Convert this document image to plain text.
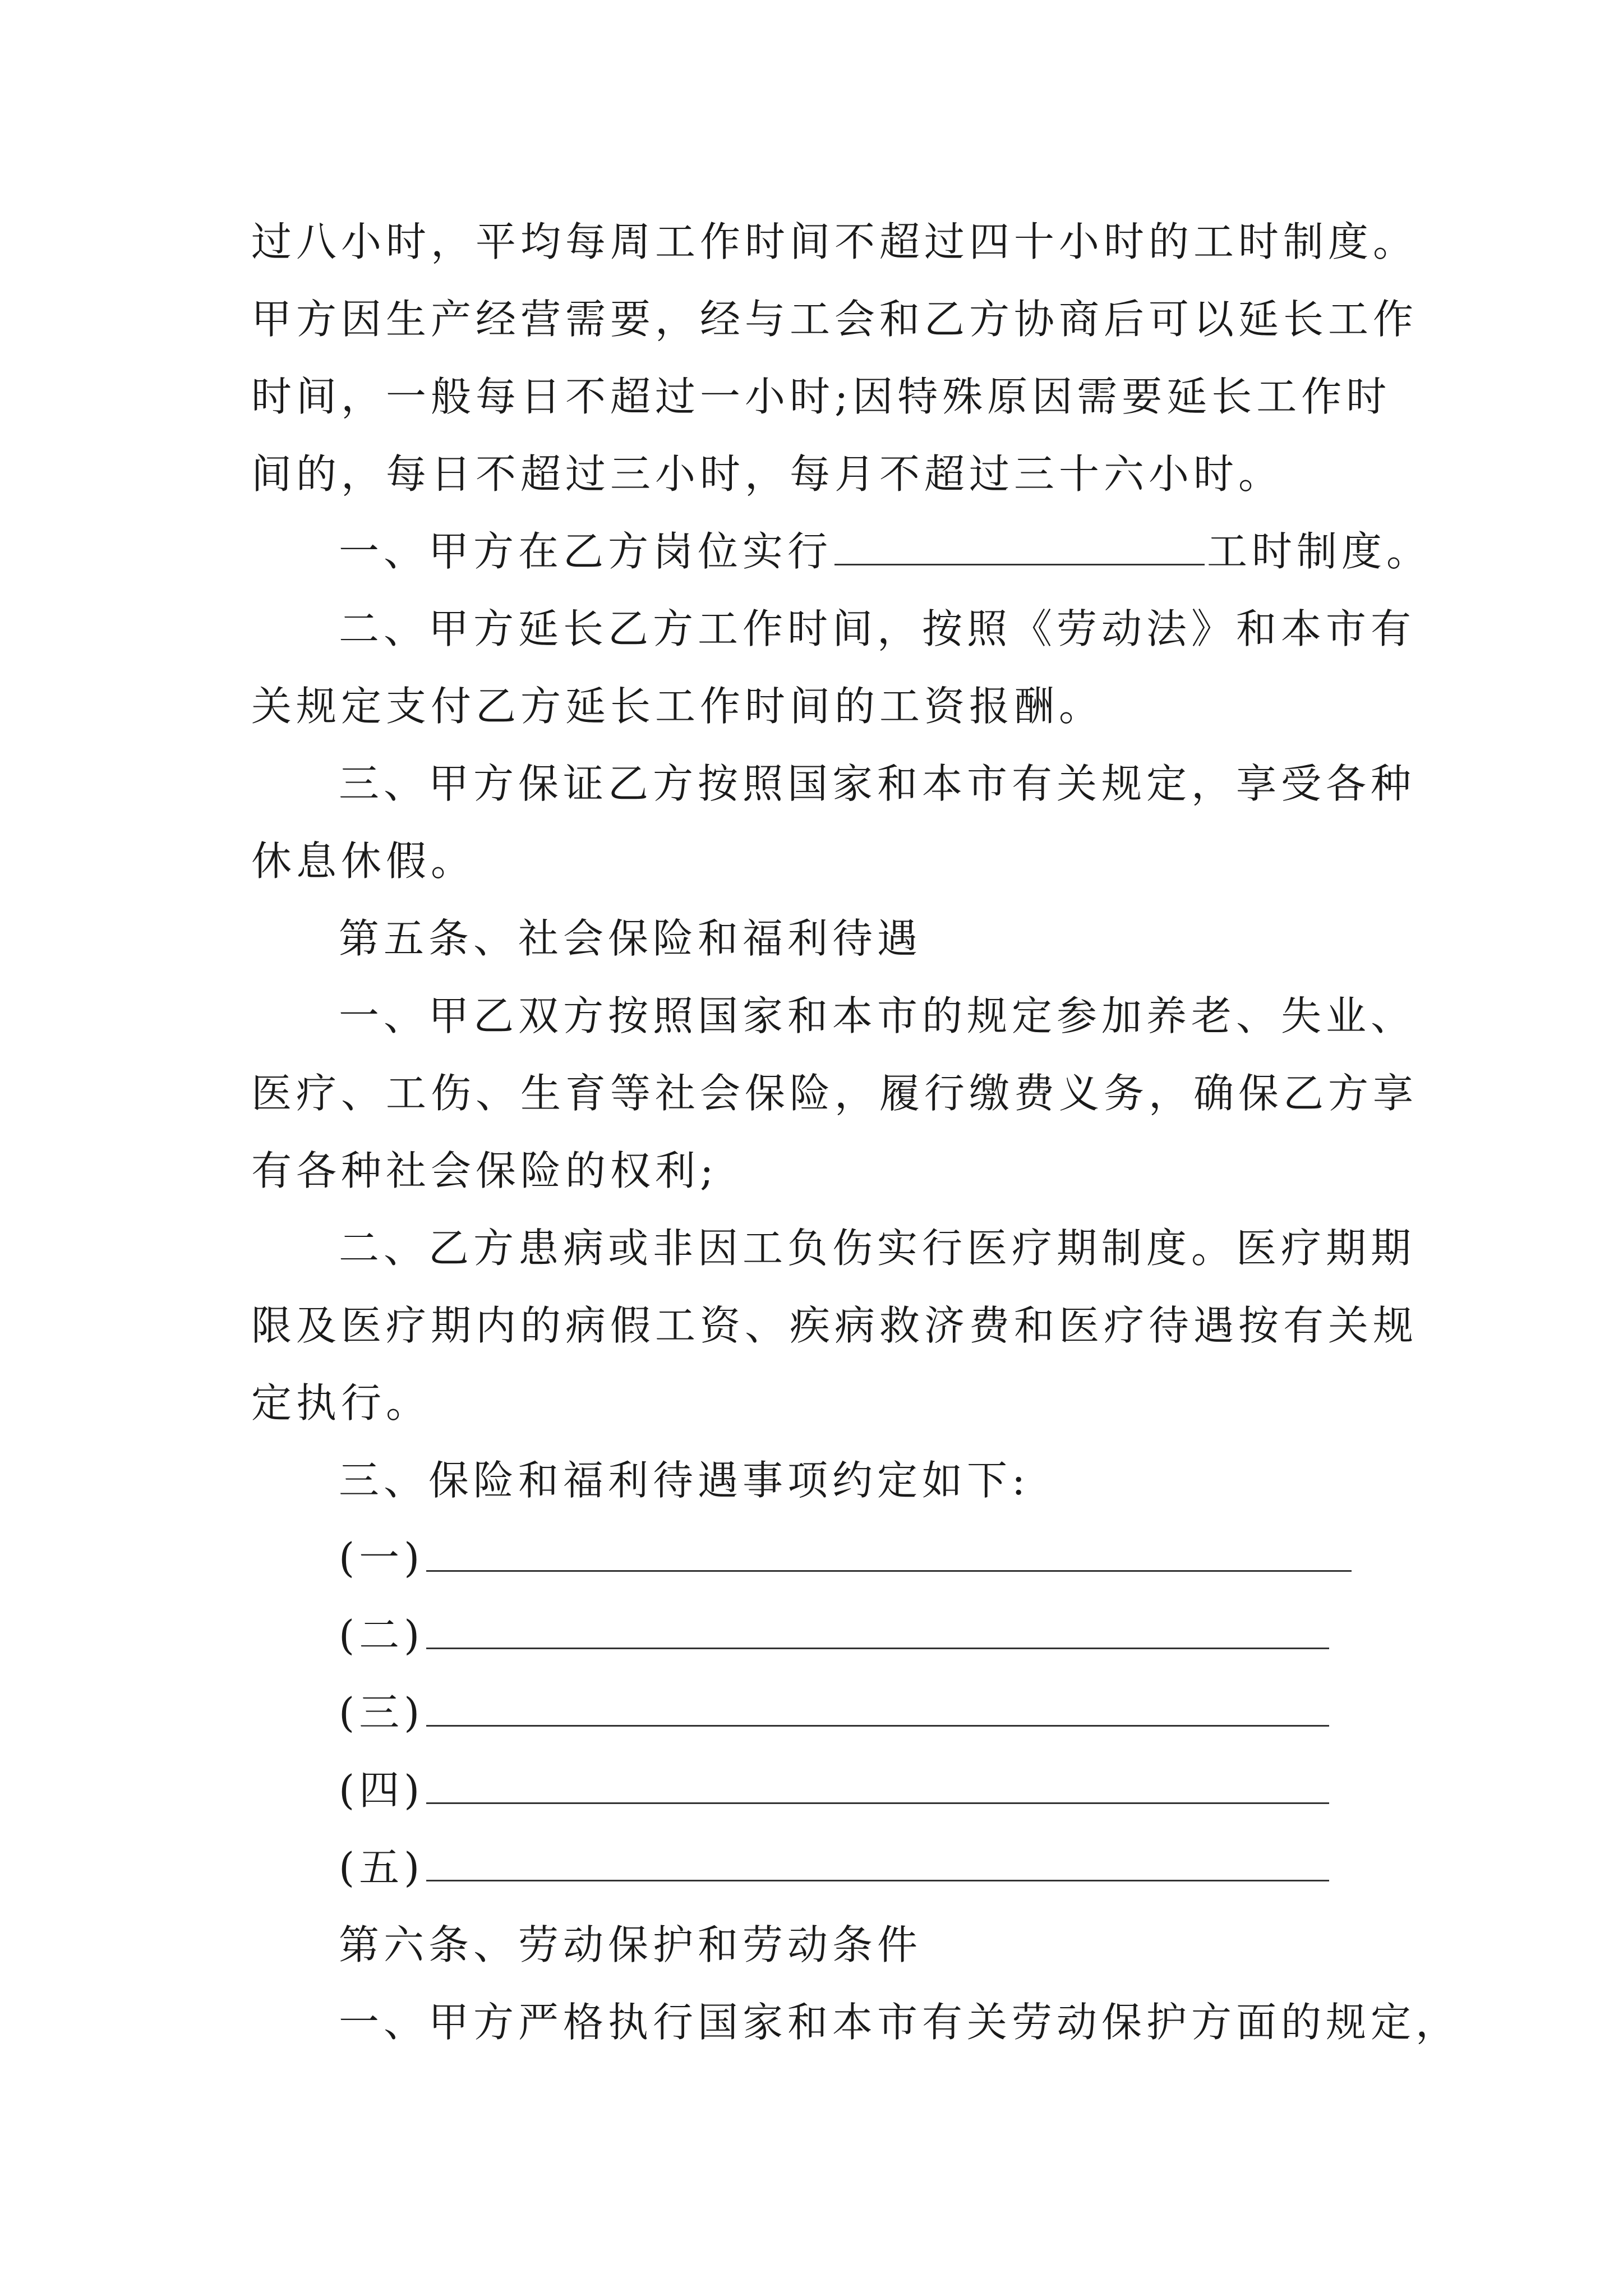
过八小时，平均每周工作时间不超过四十小时的工时制度。
甲方因生产经营需要，经与工会和乙方协商后可以延长工作
时间，一般每日不超过一小时;因特殊原因需要延长工作时
间的，每日不超过三小时，每月不超过三十六小时。
一、甲方在乙方岗位实行	工时制度。
二、甲方延长乙方工作时间，按照《劳动法》和本市有
关规定支付乙方延长工作时间的工资报酬。
三、甲方保证乙方按照国家和本市有关规定，享受各种
休息休假。
第五条、社会保险和福利待遇
一、甲乙双方按照国家和本市的规定参加养老、失业、
医疗、工伤、生育等社会保险，履行缴费义务，确保乙方享
有各种社会保险的权利;
二、乙方患病或非因工负伤实行医疗期制度。医疗期期
限及医疗期内的病假工资、疾病救济费和医疗待遇按有关规
定执行。
三、保险和福利待遇事项约定如下:
(一)
(二)
(三)
(四)
(五)
第六条、劳动保护和劳动条件
一、甲方严格执行国家和本市有关劳动保护方面的规定，
